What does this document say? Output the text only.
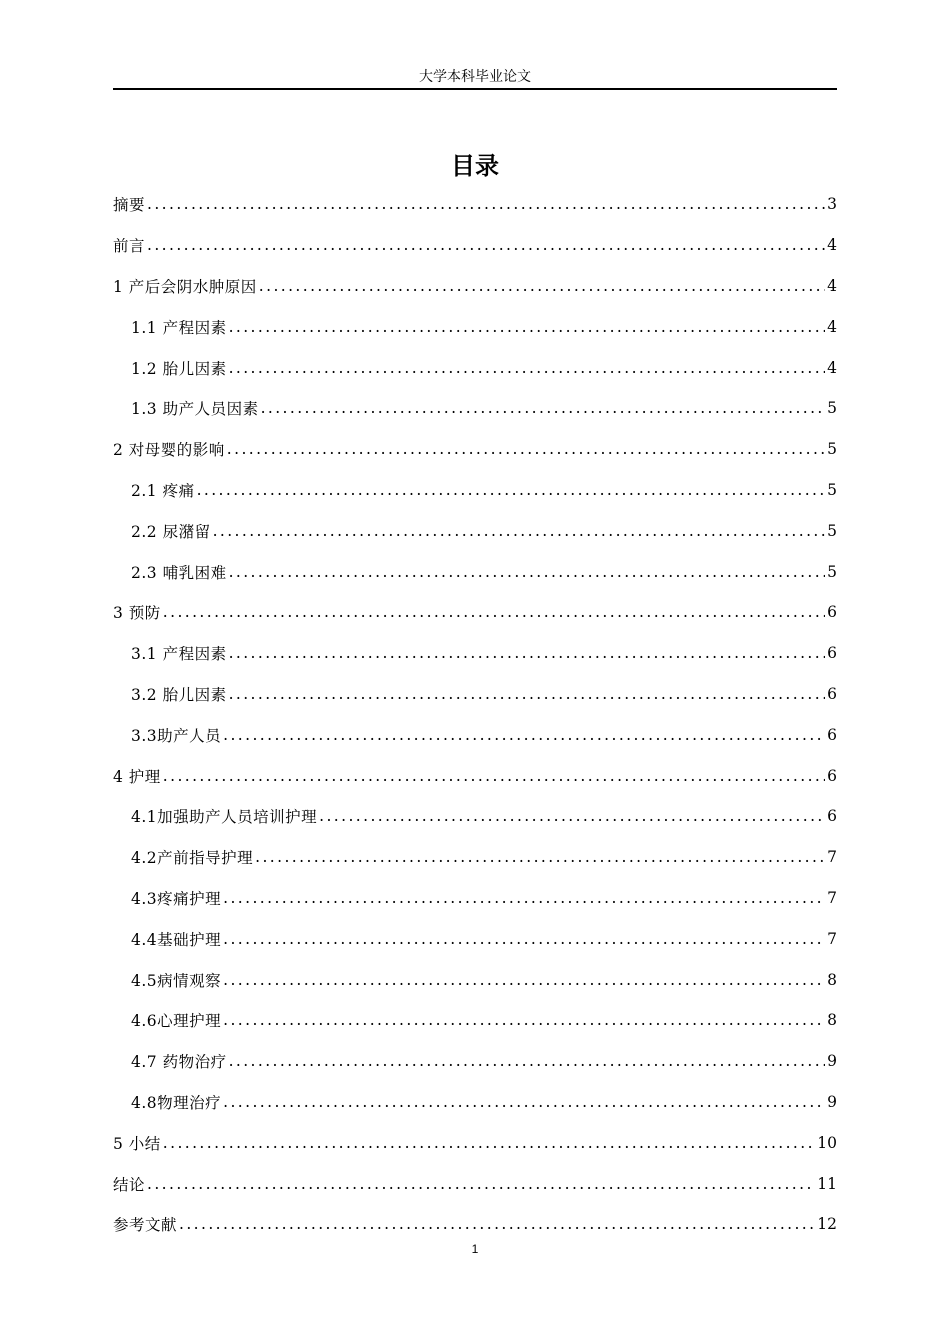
大学本科毕业论文
目录
摘要 .....	3
前言 .....	4
1 产后会阴水肿原因 .....	4
1.1 产程因素 .....	4
1.2 胎儿因素 .....	4
1.3 助产人员因素 .....	5
2 对母婴的影响 .....	5
2.1 疼痛 .....	5
2.2 尿潴留 .....	5
2.3 哺乳困难 .....	5
3 预防 .....	6
3.1 产程因素 .....	6
3.2 胎儿因素 .....	6
3.3助产人员 .....	6
4 护理 .....	6
4.1加强助产人员培训护理 .....	6
4.2产前指导护理 .....	7
4.3疼痛护理 .....	7
4.4基础护理 .....	7
4.5病情观察 .....	8
4.6心理护理 .....	8
4.7 药物治疗 .....	9
4.8物理治疗 .....	9
5 小结 .....	10
结论 .....	11
参考文献 .....	12
1
